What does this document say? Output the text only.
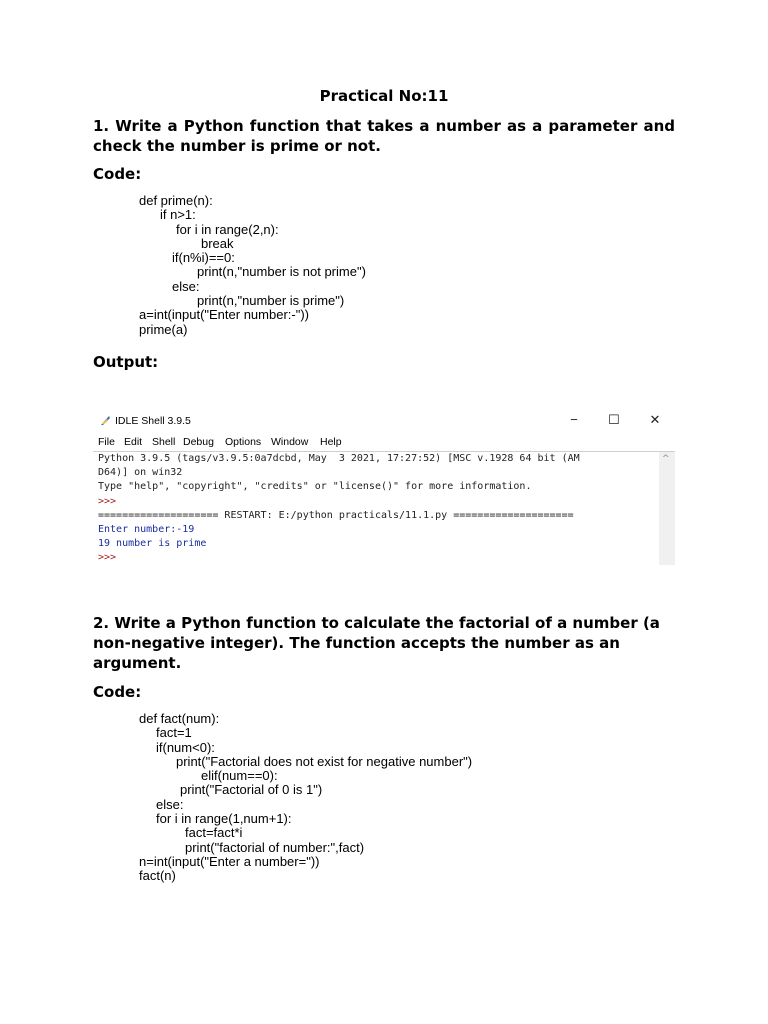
Practical No:11
1. Write a Python function that takes a number as a parameter and check the number is prime or not.
Code:
def prime(n):
if n>1:
for i in range(2,n):
break
if(n%i)==0:
print(n,"number is not prime")
else:
print(n,"number is prime")
a=int(input("Enter number:-"))
prime(a)
Output:
IDLE Shell 3.9.5	−	☐	✕
File Edit Shell Debug Options Window Help
Python 3.9.5 (tags/v3.9.5:0a7dcbd, May  3 2021, 17:27:52) [MSC v.1928 64 bit (AM
D64)] on win32
Type "help", "copyright", "credits" or "license()" for more information.
>>>
==================== RESTART: E:/python practicals/11.1.py ====================
Enter number:-19
19 number is prime
>>>
^
2. Write a Python function to calculate the factorial of a number (a non-negative integer). The function accepts the number as an argument.
Code:
def fact(num):
fact=1
if(num<0):
print("Factorial does not exist for negative number")
elif(num==0):
print("Factorial of 0 is 1")
else:
for i in range(1,num+1):
fact=fact*i
print("factorial of number:",fact)
n=int(input("Enter a number="))
fact(n)
